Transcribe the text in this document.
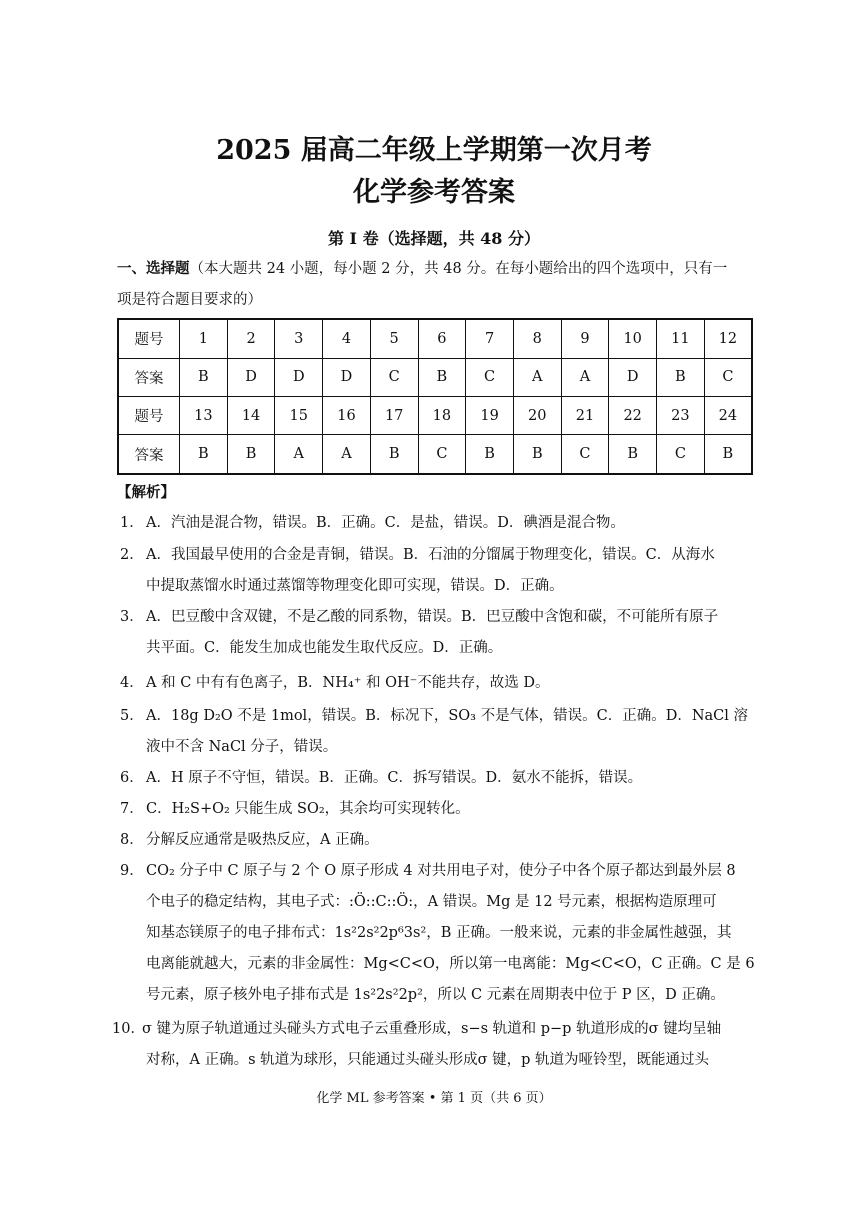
2025 届高二年级上学期第一次月考
化学参考答案
第 Ⅰ 卷（选择题，共 48 分）
一、选择题（本大题共 24 小题，每小题 2 分，共 48 分。在每小题给出的四个选项中，只有一
项是符合题目要求的）
题号	1	2	3	4	5	6	7	8	9	10	11	12
答案	B	D	D	D	C	B	C	A	A	D	B	C
题号	13	14	15	16	17	18	19	20	21	22	23	24
答案	B	B	A	A	B	C	B	B	C	B	C	B
【解析】
1． A．汽油是混合物，错误。B．正确。C．是盐，错误。D．碘酒是混合物。
2． A．我国最早使用的合金是青铜，错误。B．石油的分馏属于物理变化，错误。C．从海水
中提取蒸馏水时通过蒸馏等物理变化即可实现，错误。D．正确。
3． A．巴豆酸中含双键，不是乙酸的同系物，错误。B．巴豆酸中含饱和碳，不可能所有原子
共平面。C．能发生加成也能发生取代反应。D．正确。
4． A 和 C 中有有色离子，B．NH₄⁺ 和 OH⁻不能共存，故选 D。
5． A．18g D₂O 不是 1mol，错误。B．标况下，SO₃ 不是气体，错误。C．正确。D．NaCl 溶
液中不含 NaCl 分子，错误。
6． A．H 原子不守恒，错误。B．正确。C．拆写错误。D．氨水不能拆，错误。
7． C．H₂S+O₂ 只能生成 SO₂，其余均可实现转化。
8． 分解反应通常是吸热反应，A 正确。
9． CO₂ 分子中 C 原子与 2 个 O 原子形成 4 对共用电子对，使分子中各个原子都达到最外层 8
个电子的稳定结构，其电子式：:Ö::C::Ö:，A 错误。Mg 是 12 号元素，根据构造原理可
知基态镁原子的电子排布式：1s²2s²2p⁶3s²，B 正确。一般来说，元素的非金属性越强，其
电离能就越大，元素的非金属性：Mg<C<O，所以第一电离能：Mg<C<O，C 正确。C 是 6
号元素，原子核外电子排布式是 1s²2s²2p²，所以 C 元素在周期表中位于 P 区，D 正确。
10．σ 键为原子轨道通过头碰头方式电子云重叠形成，s−s 轨道和 p−p 轨道形成的σ 键均呈轴
对称，A 正确。s 轨道为球形，只能通过头碰头形成σ 键，p 轨道为哑铃型，既能通过头
化学 ML 参考答案 • 第 1 页（共 6 页）
